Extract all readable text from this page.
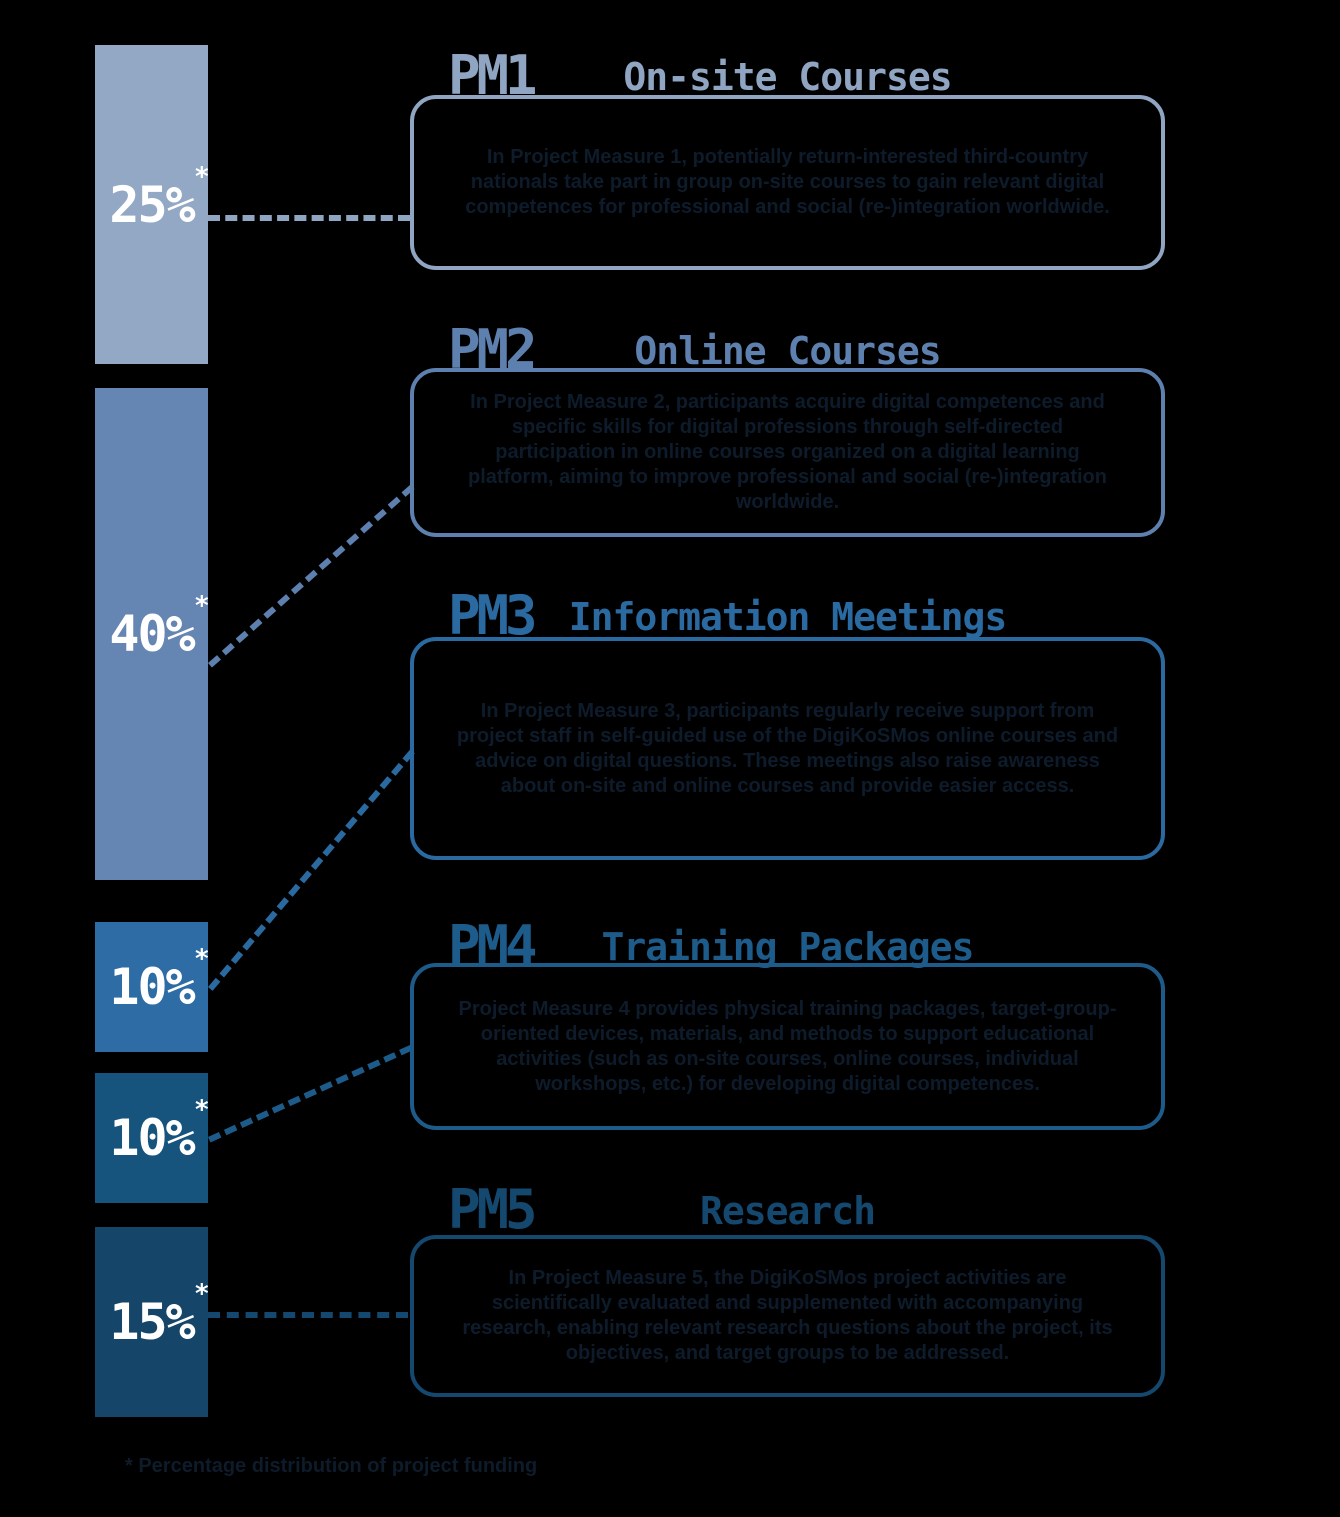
25% *
40% *
10% *
10% *
15% *
PM1	On-site Courses
PM2	Online Courses
PM3 Information Meetings
PM4	Training Packages
PM5	Research

In Project Measure 1, potentially return-interested third-country nationals take part in group on-site courses to gain relevant digital competences for professional and social (re-)integration worldwide.

In Project Measure 2, participants acquire digital competences and specific skills for digital professions through self-directed participation in online courses organized on a digital learning platform, aiming to improve professional and social (re-)integration worldwide.

In Project Measure 3, participants regularly receive support from project staff in self-guided use of the DigiKoSMos online courses and advice on digital questions. These meetings also raise awareness about on-site and online courses and provide easier access.

Project Measure 4 provides physical training packages, target-group-oriented devices, materials, and methods to support educational activities (such as on-site courses, online courses, individual workshops, etc.) for developing digital competences.

In Project Measure 5, the DigiKoSMos project activities are scientifically evaluated and supplemented with accompanying research, enabling relevant research questions about the project, its objectives, and target groups to be addressed.

* Percentage distribution of project funding
